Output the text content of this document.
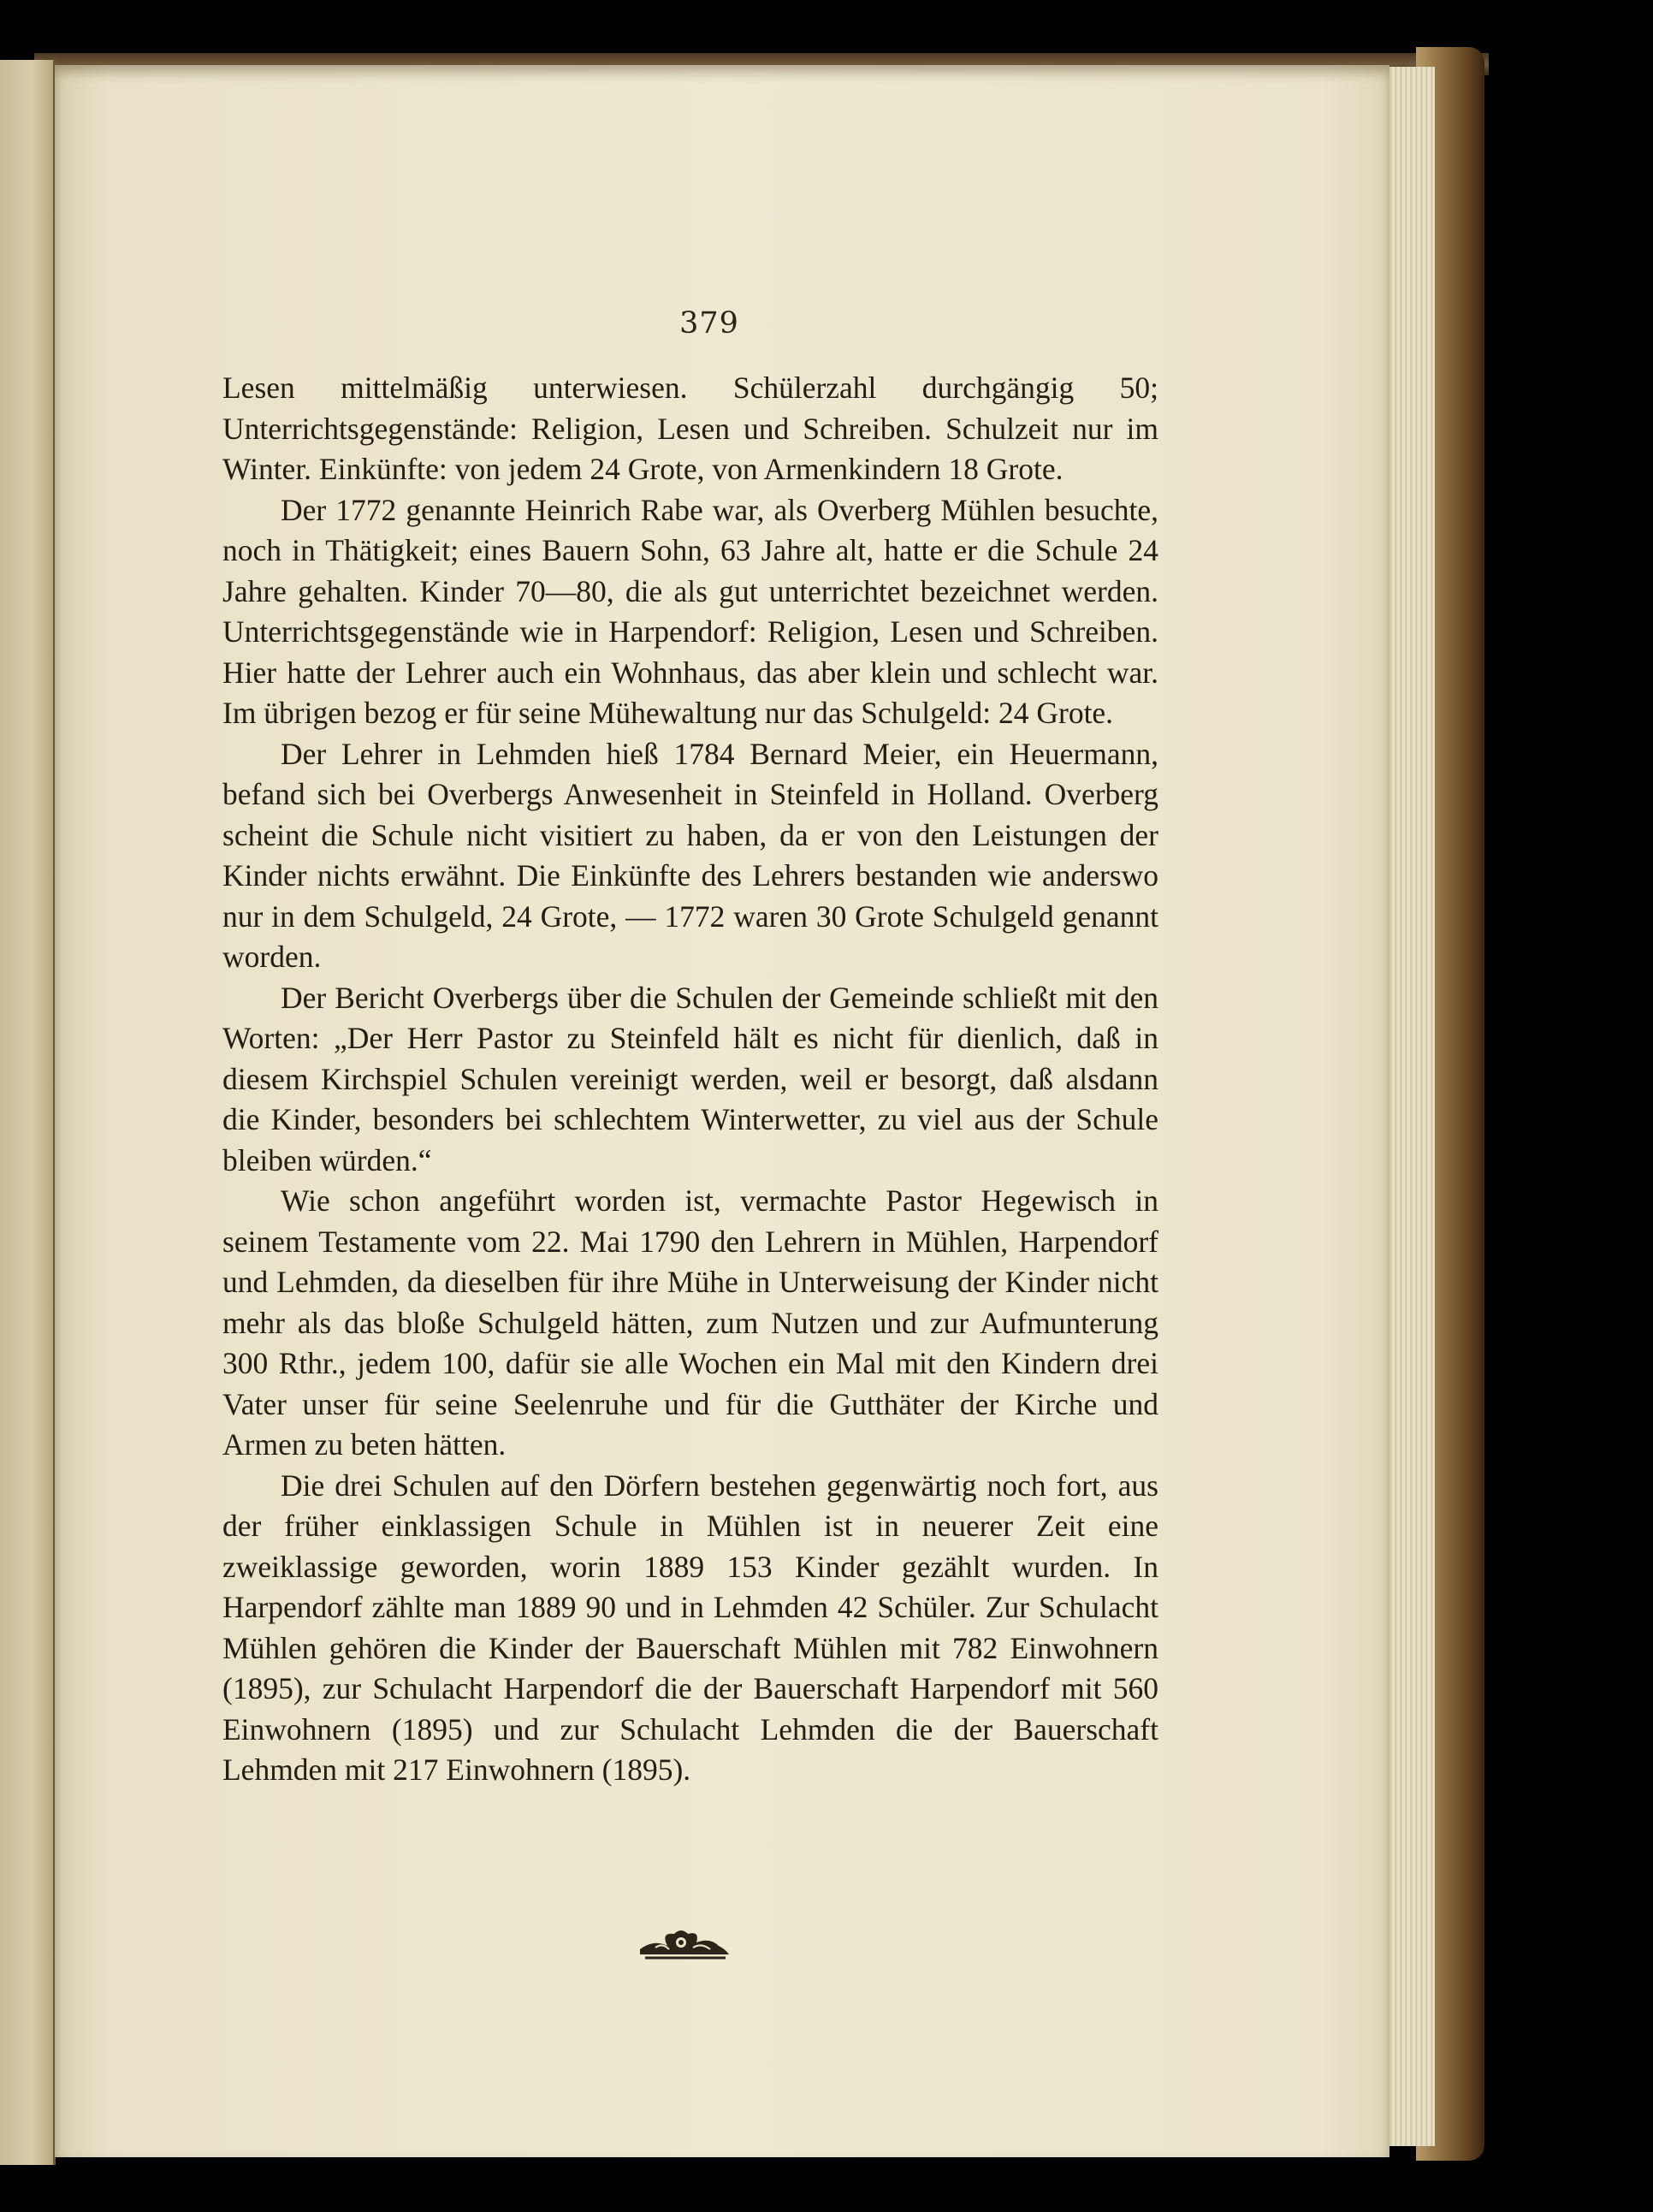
379

Lesen mittelmäßig unterwiesen. Schülerzahl durchgängig 50; Unterrichtsgegenstände: Religion, Lesen und Schreiben. Schulzeit nur im Winter. Einkünfte: von jedem 24 Grote, von Armenkindern 18 Grote.

Der 1772 genannte Heinrich Rabe war, als Overberg Mühlen besuchte, noch in Thätigkeit; eines Bauern Sohn, 63 Jahre alt, hatte er die Schule 24 Jahre gehalten. Kinder 70—80, die als gut unterrichtet bezeichnet werden. Unterrichtsgegenstände wie in Harpendorf: Religion, Lesen und Schreiben. Hier hatte der Lehrer auch ein Wohnhaus, das aber klein und schlecht war. Im übrigen bezog er für seine Mühewaltung nur das Schulgeld: 24 Grote.

Der Lehrer in Lehmden hieß 1784 Bernard Meier, ein Heuermann, befand sich bei Overbergs Anwesenheit in Steinfeld in Holland. Overberg scheint die Schule nicht visitiert zu haben, da er von den Leistungen der Kinder nichts erwähnt. Die Einkünfte des Lehrers bestanden wie anderswo nur in dem Schulgeld, 24 Grote, — 1772 waren 30 Grote Schulgeld genannt worden.

Der Bericht Overbergs über die Schulen der Gemeinde schließt mit den Worten: „Der Herr Pastor zu Steinfeld hält es nicht für dienlich, daß in diesem Kirchspiel Schulen vereinigt werden, weil er besorgt, daß alsdann die Kinder, besonders bei schlechtem Winterwetter, zu viel aus der Schule bleiben würden.“

Wie schon angeführt worden ist, vermachte Pastor Hegewisch in seinem Testamente vom 22. Mai 1790 den Lehrern in Mühlen, Harpendorf und Lehmden, da dieselben für ihre Mühe in Unterweisung der Kinder nicht mehr als das bloße Schulgeld hätten, zum Nutzen und zur Aufmunterung 300 Rthr., jedem 100, dafür sie alle Wochen ein Mal mit den Kindern drei Vater unser für seine Seelenruhe und für die Gutthäter der Kirche und Armen zu beten hätten.

Die drei Schulen auf den Dörfern bestehen gegenwärtig noch fort, aus der früher einklassigen Schule in Mühlen ist in neuerer Zeit eine zweiklassige geworden, worin 1889 153 Kinder gezählt wurden. In Harpendorf zählte man 1889 90 und in Lehmden 42 Schüler. Zur Schulacht Mühlen gehören die Kinder der Bauerschaft Mühlen mit 782 Einwohnern (1895), zur Schulacht Harpendorf die der Bauerschaft Harpendorf mit 560 Einwohnern (1895) und zur Schulacht Lehmden die der Bauerschaft Lehmden mit 217 Einwohnern (1895).
